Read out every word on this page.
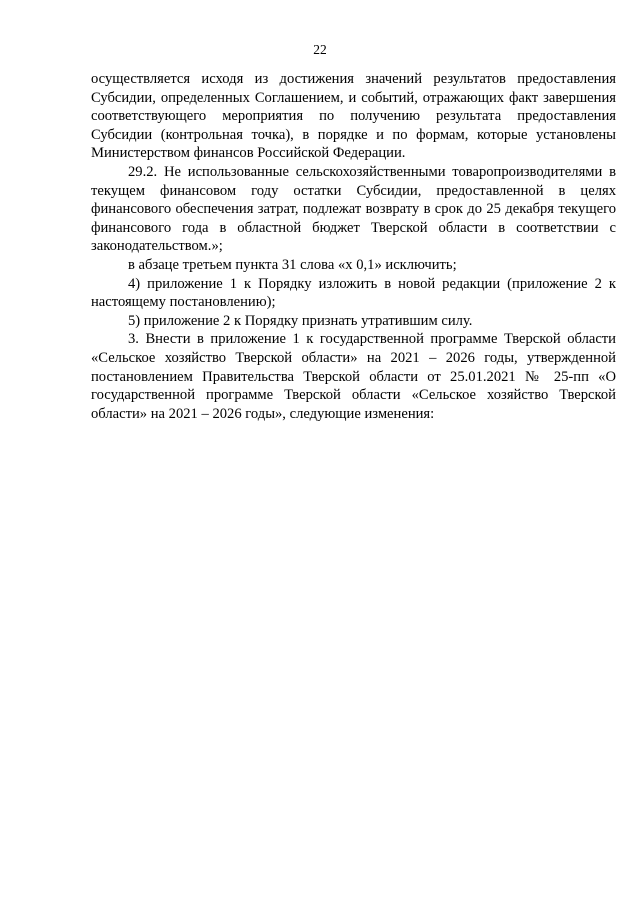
22

осуществляется исходя из достижения значений результатов предоставления Субсидии, определенных Соглашением, и событий, отражающих факт завершения соответствующего мероприятия по получению результата предоставления Субсидии (контрольная точка), в порядке и по формам, которые установлены Министерством финансов Российской Федерации.

29.2. Не использованные сельскохозяйственными товаропроизводителями в текущем финансовом году остатки Субсидии, предоставленной в целях финансового обеспечения затрат, подлежат возврату в срок до 25 декабря текущего финансового года в областной бюджет Тверской области в соответствии с законодательством.»;

в абзаце третьем пункта 31 слова «х 0,1» исключить;

4) приложение 1 к Порядку изложить в новой редакции (приложение 2 к настоящему постановлению);

5) приложение 2 к Порядку признать утратившим силу.

3. Внести в приложение 1 к государственной программе Тверской области «Сельское хозяйство Тверской области» на 2021 – 2026 годы, утвержденной постановлением Правительства Тверской области от 25.01.2021 № 25-пп «О государственной программе Тверской области «Сельское хозяйство Тверской области» на 2021 – 2026 годы», следующие изменения:
